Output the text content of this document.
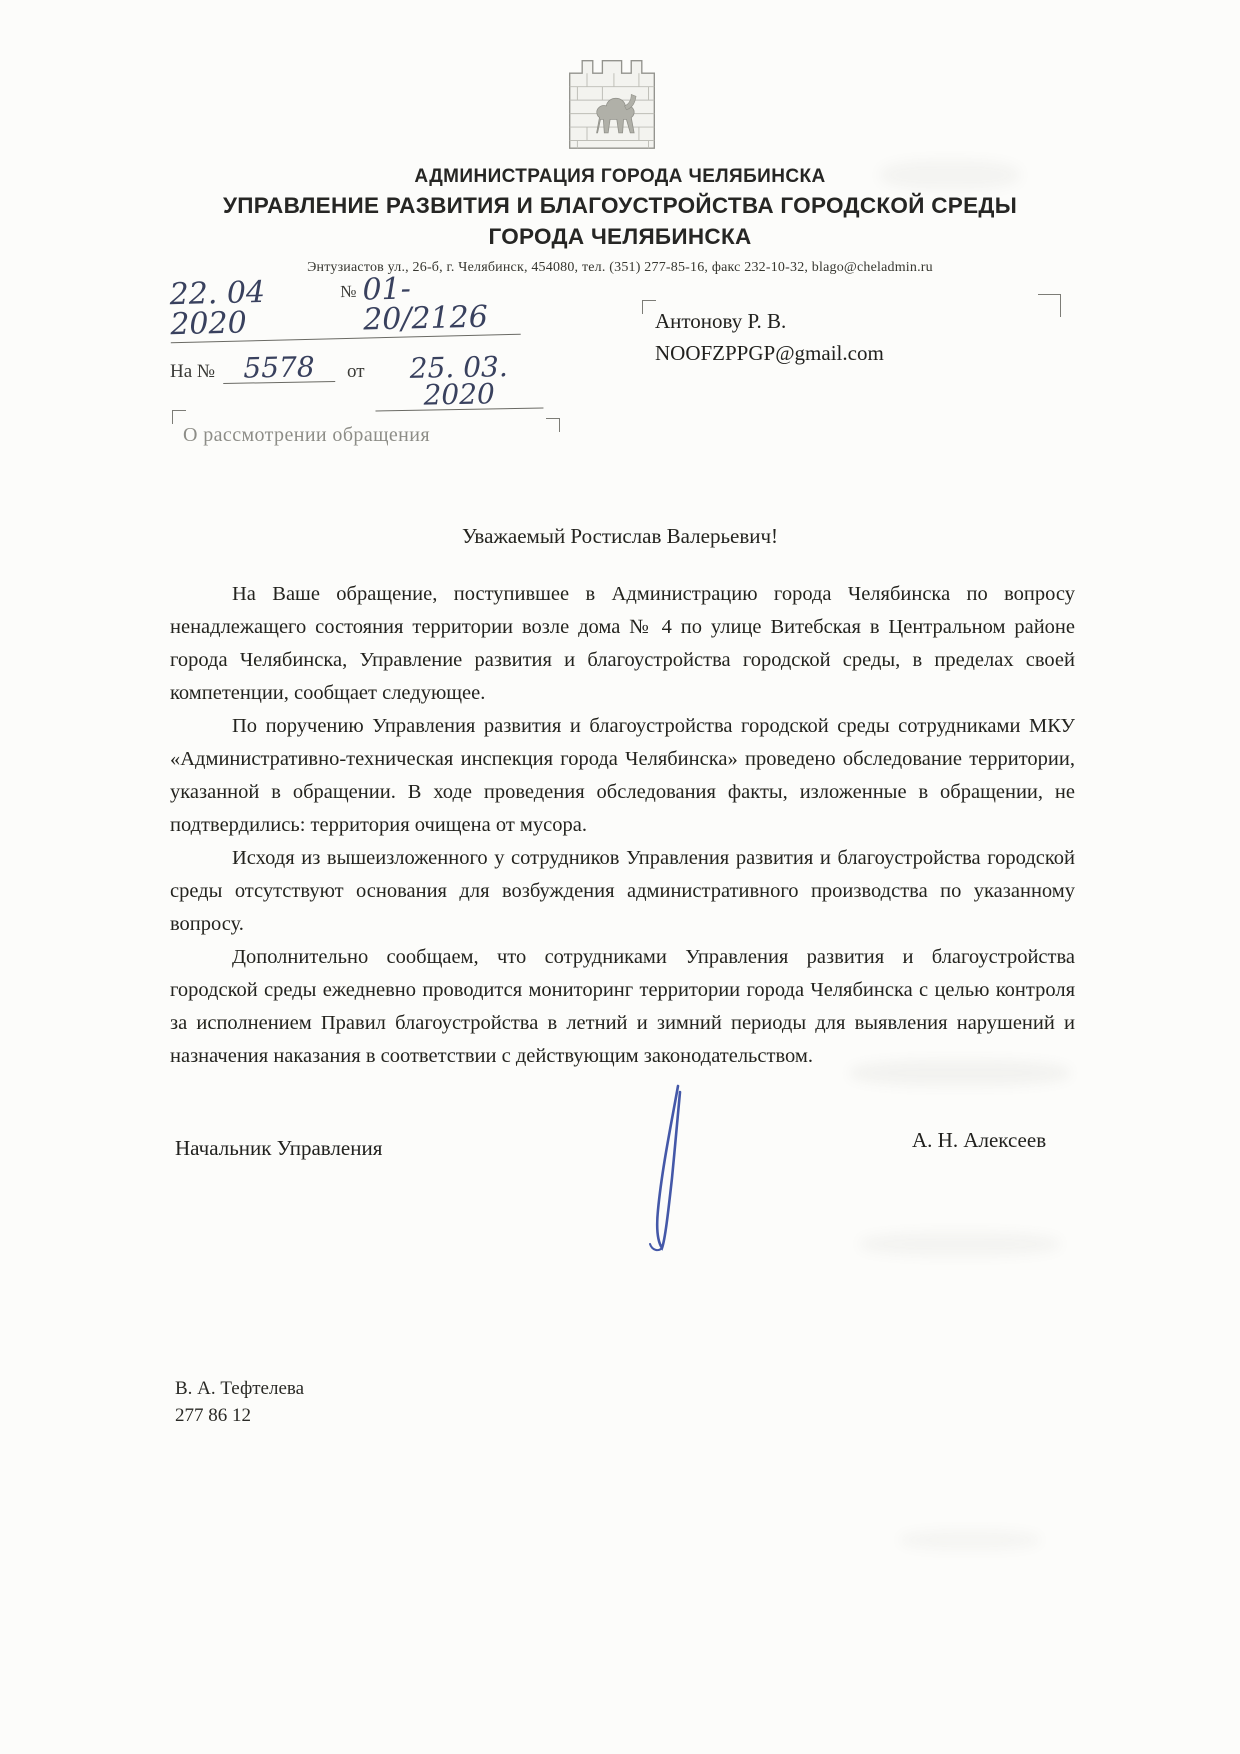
АДМИНИСТРАЦИЯ ГОРОДА ЧЕЛЯБИНСКА
УПРАВЛЕНИЕ РАЗВИТИЯ И БЛАГОУСТРОЙСТВА ГОРОДСКОЙ СРЕДЫ
ГОРОДА ЧЕЛЯБИНСКА
Энтузиастов ул., 26-б, г. Челябинск, 454080, тел. (351) 277-85-16, факс 232-10-32, blago@cheladmin.ru
22. 04 2020
№ 01-20/2126
На №	5578	от	25. 03. 2020
Антонову Р. В.
NOOFZPPGP@gmail.com
О рассмотрении обращения
Уважаемый Ростислав Валерьевич!

На Ваше обращение, поступившее в Администрацию города Челябинска по вопросу ненадлежащего состояния территории возле дома № 4 по улице Витебская в Центральном районе города Челябинска, Управление развития и благоустройства городской среды, в пределах своей компетенции, сообщает следующее.

По поручению Управления развития и благоустройства городской среды сотрудниками МКУ «Административно-техническая инспекция города Челябинска» проведено обследование территории, указанной в обращении. В ходе проведения обследования факты, изложенные в обращении, не подтвердились: территория очищена от мусора.

Исходя из вышеизложенного у сотрудников Управления развития и благоустройства городской среды отсутствуют основания для возбуждения административного производства по указанному вопросу.

Дополнительно сообщаем, что сотрудниками Управления развития и благоустройства городской среды ежедневно проводится мониторинг территории города Челябинска с целью контроля за исполнением Правил благоустройства в летний и зимний периоды для выявления нарушений и назначения наказания в соответствии с действующим законодательством.

Начальник Управления	А. Н. Алексеев
В. А. Тефтелева
277 86 12
